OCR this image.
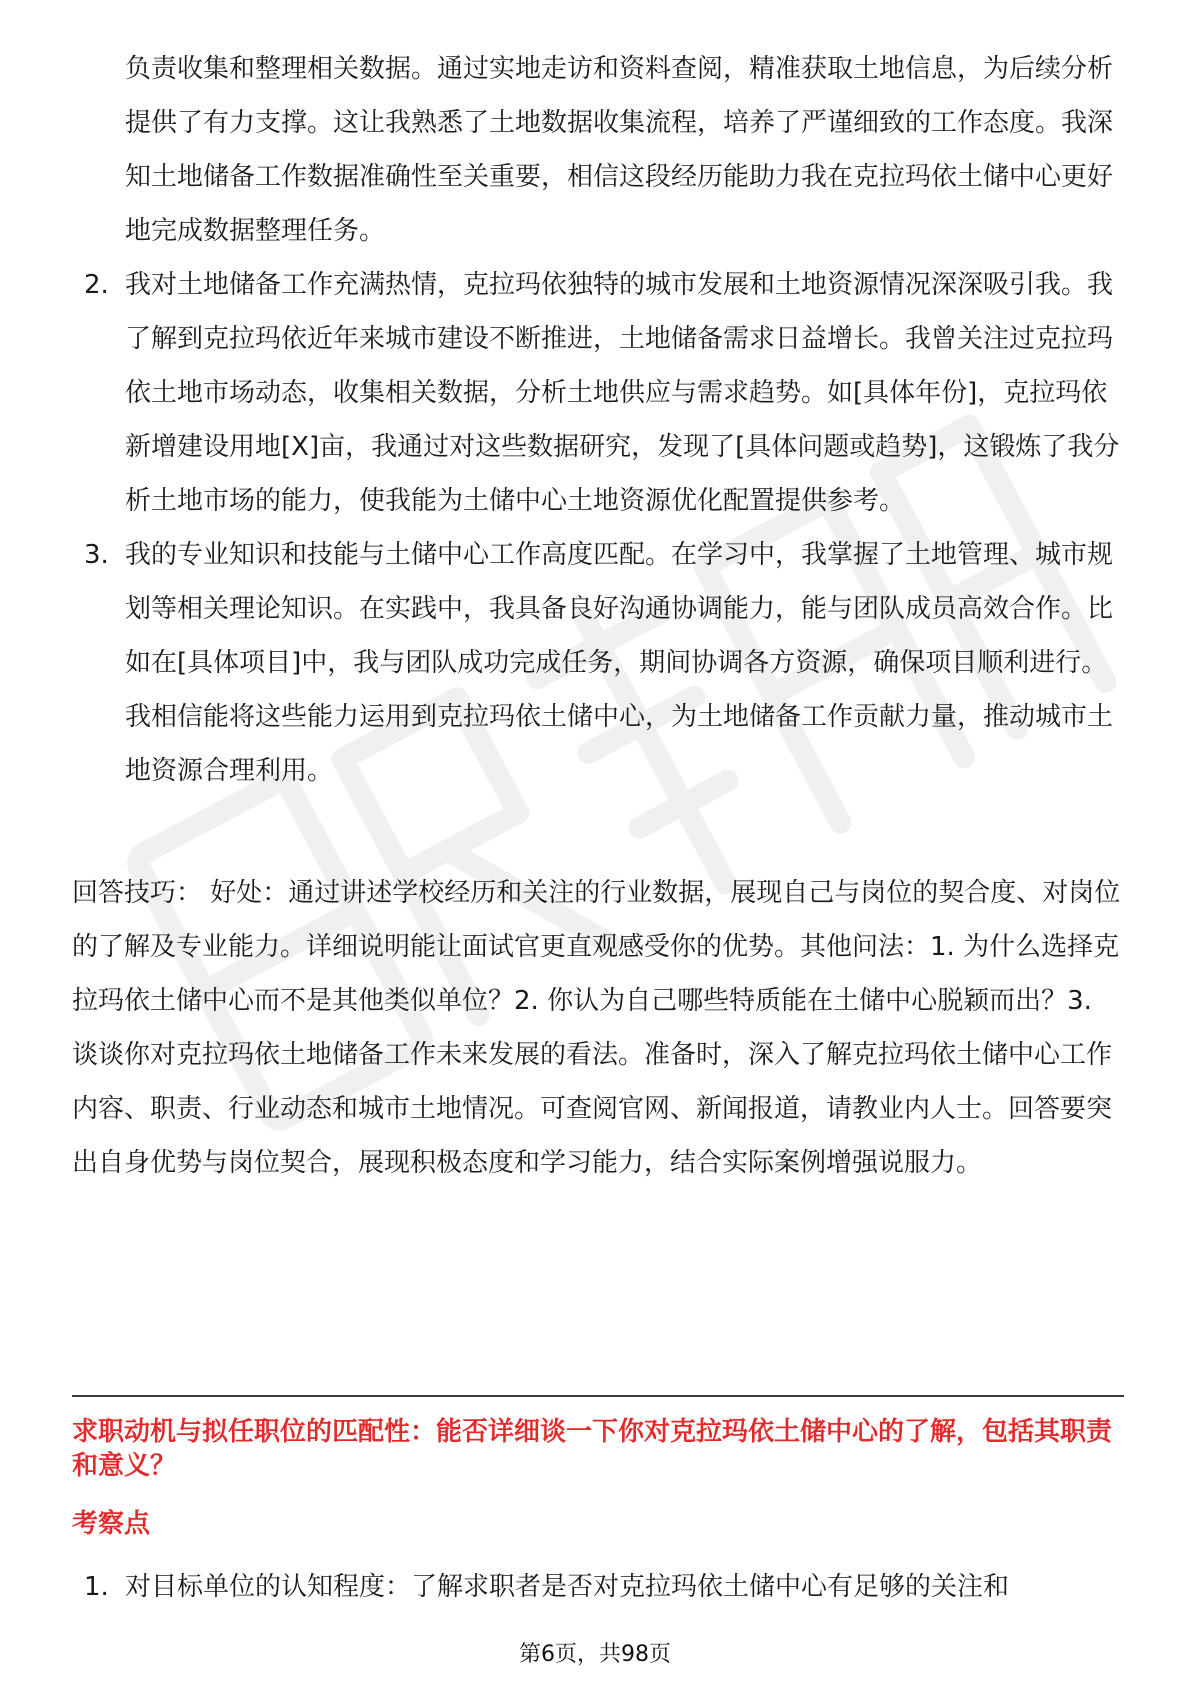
负责收集和整理相关数据。通过实地走访和资料查阅，精准获取土地信息，为后续分析提供了有力支撑。这让我熟悉了土地数据收集流程，培养了严谨细致的工作态度。我深知土地储备工作数据准确性至关重要，相信这段经历能助力我在克拉玛依土储中心更好地完成数据整理任务。

2. 我对土地储备工作充满热情，克拉玛依独特的城市发展和土地资源情况深深吸引我。我了解到克拉玛依近年来城市建设不断推进，土地储备需求日益增长。我曾关注过克拉玛依土地市场动态，收集相关数据，分析土地供应与需求趋势。如[具体年份]，克拉玛依新增建设用地[X]亩，我通过对这些数据研究，发现了[具体问题或趋势]，这锻炼了我分析土地市场的能力，使我能为土储中心土地资源优化配置提供参考。

3. 我的专业知识和技能与土储中心工作高度匹配。在学习中，我掌握了土地管理、城市规划等相关理论知识。在实践中，我具备良好沟通协调能力，能与团队成员高效合作。比如在[具体项目]中，我与团队成功完成任务，期间协调各方资源，确保项目顺利进行。我相信能将这些能力运用到克拉玛依土储中心，为土地储备工作贡献力量，推动城市土地资源合理利用。

回答技巧： 好处：通过讲述学校经历和关注的行业数据，展现自己与岗位的契合度、对岗位的了解及专业能力。详细说明能让面试官更直观感受你的优势。其他问法：1. 为什么选择克拉玛依土储中心而不是其他类似单位？2. 你认为自己哪些特质能在土储中心脱颖而出？3. 谈谈你对克拉玛依土地储备工作未来发展的看法。准备时，深入了解克拉玛依土储中心工作内容、职责、行业动态和城市土地情况。可查阅官网、新闻报道，请教业内人士。回答要突出自身优势与岗位契合，展现积极态度和学习能力，结合实际案例增强说服力。

求职动机与拟任职位的匹配性：能否详细谈一下你对克拉玛依土储中心的了解，包括其职责和意义？
考察点
1. 对目标单位的认知程度：了解求职者是否对克拉玛依土储中心有足够的关注和

第6页，共98页
